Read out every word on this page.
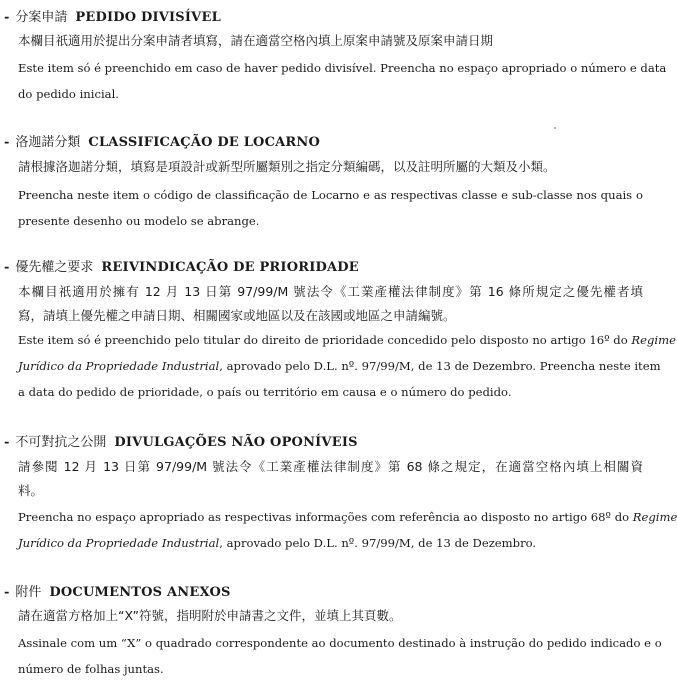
- 分案申請 PEDIDO DIVISÍVEL
本欄目祇適用於提出分案申請者填寫，請在適當空格內填上原案申請號及原案申請日期
Este item só é preenchido em caso de haver pedido divisível. Preencha no espaço apropriado o número e data
do pedido inicial.
- 洛迦諾分類 CLASSIFICAÇÃO DE LOCARNO
請根據洛迦諾分類，填寫是項設計或新型所屬類別之指定分類編碼，以及註明所屬的大類及小類。
Preencha neste item o código de classificação de Locarno e as respectivas classe e sub-classe nos quais o
presente desenho ou modelo se abrange.
- 優先權之要求 REIVINDICAÇÃO DE PRIORIDADE
本欄目祇適用於擁有 12 月 13 日第 97/99/M 號法令《工業產權法律制度》第 16 條所規定之優先權者填
寫，請填上優先權之申請日期、相關國家或地區以及在該國或地區之申請編號。
Este item só é preenchido pelo titular do direito de prioridade concedido pelo disposto no artigo 16º do Regime
Jurídico da Propriedade Industrial, aprovado pelo D.L. nº. 97/99/M, de 13 de Dezembro. Preencha neste item
a data do pedido de prioridade, o país ou território em causa e o número do pedido.
- 不可對抗之公開 DIVULGAÇÕES NÃO OPONÍVEIS
請參閱 12 月 13 日第 97/99/M 號法令《工業產權法律制度》第 68 條之規定，在適當空格內填上相關資
料。
Preencha no espaço apropriado as respectivas informações com referência ao disposto no artigo 68º do Regime
Jurídico da Propriedade Industrial, aprovado pelo D.L. nº. 97/99/M, de 13 de Dezembro.
- 附件 DOCUMENTOS ANEXOS
請在適當方格加上“X”符號，指明附於申請書之文件，並填上其頁數。
Assinale com um “X” o quadrado correspondente ao documento destinado à instrução do pedido indicado e o
número de folhas juntas.
